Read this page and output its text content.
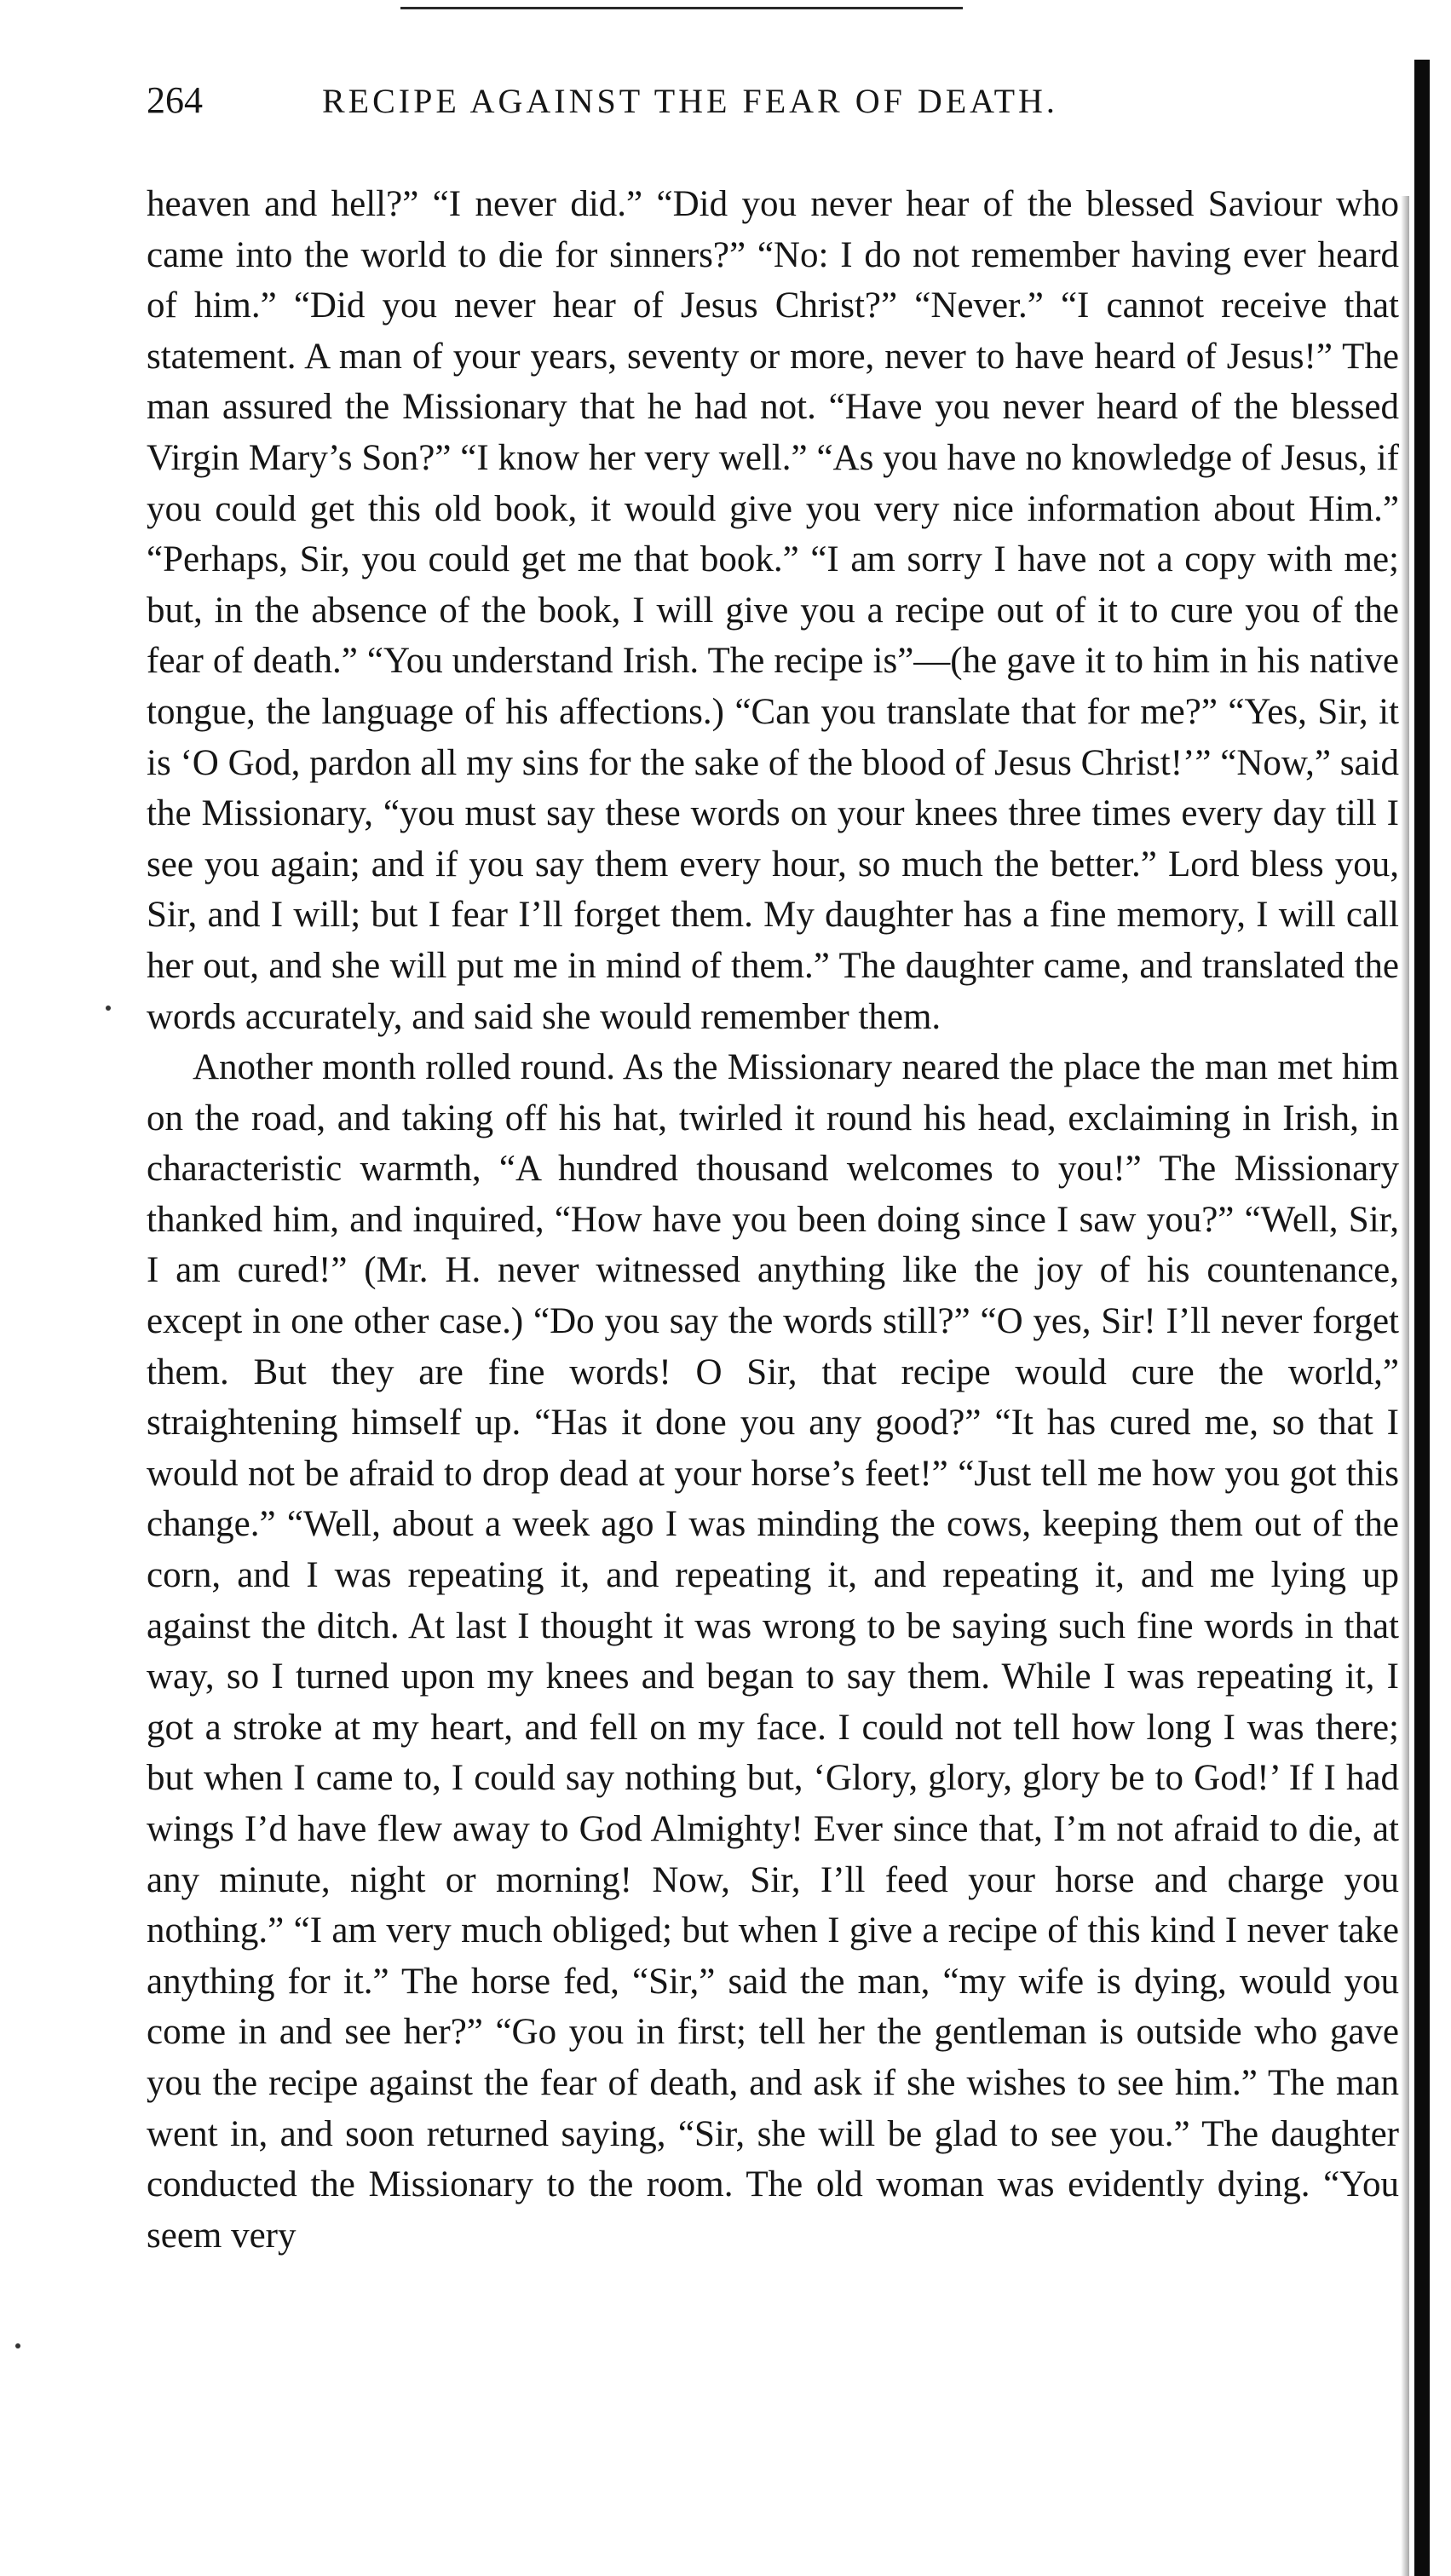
264	RECIPE AGAINST THE FEAR OF DEATH.

heaven and hell?” “I never did.” “Did you never hear of the blessed Saviour who came into the world to die for sinners?” “No: I do not remember having ever heard of him.” “Did you never hear of Jesus Christ?” “Never.” “I cannot receive that statement. A man of your years, seventy or more, never to have heard of Jesus!” The man assured the Missionary that he had not. “Have you never heard of the blessed Virgin Mary’s Son?” “I know her very well.” “As you have no knowledge of Jesus, if you could get this old book, it would give you very nice information about Him.” “Perhaps, Sir, you could get me that book.” “I am sorry I have not a copy with me; but, in the absence of the book, I will give you a recipe out of it to cure you of the fear of death.” “You understand Irish. The recipe is”—(he gave it to him in his native tongue, the language of his affections.) “Can you translate that for me?” “Yes, Sir, it is ‘O God, pardon all my sins for the sake of the blood of Jesus Christ!’” “Now,” said the Missionary, “you must say these words on your knees three times every day till I see you again; and if you say them every hour, so much the better.” Lord bless you, Sir, and I will; but I fear I’ll forget them. My daughter has a fine memory, I will call her out, and she will put me in mind of them.” The daughter came, and translated the words accurately, and said she would remember them.

Another month rolled round. As the Missionary neared the place the man met him on the road, and taking off his hat, twirled it round his head, exclaiming in Irish, in characteristic warmth, “A hundred thousand welcomes to you!” The Missionary thanked him, and inquired, “How have you been doing since I saw you?” “Well, Sir, I am cured!” (Mr. H. never witnessed anything like the joy of his countenance, except in one other case.) “Do you say the words still?” “O yes, Sir! I’ll never forget them. But they are fine words! O Sir, that recipe would cure the world,” straightening himself up. “Has it done you any good?” “It has cured me, so that I would not be afraid to drop dead at your horse’s feet!” “Just tell me how you got this change.” “Well, about a week ago I was minding the cows, keeping them out of the corn, and I was repeating it, and repeating it, and repeating it, and me lying up against the ditch. At last I thought it was wrong to be saying such fine words in that way, so I turned upon my knees and began to say them. While I was repeating it, I got a stroke at my heart, and fell on my face. I could not tell how long I was there; but when I came to, I could say nothing but, ‘Glory, glory, glory be to God!’ If I had wings I’d have flew away to God Almighty! Ever since that, I’m not afraid to die, at any minute, night or morning! Now, Sir, I’ll feed your horse and charge you nothing.” “I am very much obliged; but when I give a recipe of this kind I never take anything for it.” The horse fed, “Sir,” said the man, “my wife is dying, would you come in and see her?” “Go you in first; tell her the gentleman is outside who gave you the recipe against the fear of death, and ask if she wishes to see him.” The man went in, and soon returned saying, “Sir, she will be glad to see you.” The daughter conducted the Missionary to the room. The old woman was evidently dying. “You seem very
